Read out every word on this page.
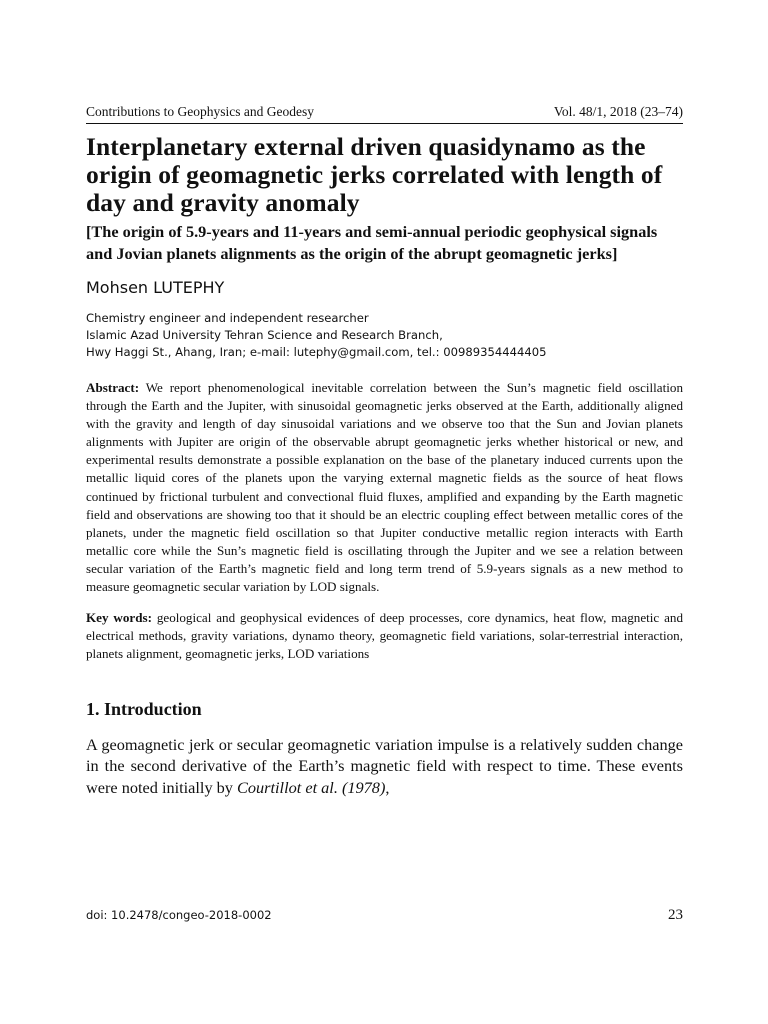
Contributions to Geophysics and Geodesy	Vol. 48/1, 2018 (23–74)
Interplanetary external driven quasidynamo as the origin of geomagnetic jerks correlated with length of day and gravity anomaly
[The origin of 5.9-years and 11-years and semi-annual periodic geophysical signals and Jovian planets alignments as the origin of the abrupt geomagnetic jerks]
Mohsen LUTEPHY
Chemistry engineer and independent researcher
Islamic Azad University Tehran Science and Research Branch,
Hwy Haggi St., Ahang, Iran; e-mail: lutephy@gmail.com, tel.: 00989354444405

Abstract: We report phenomenological inevitable correlation between the Sun’s magnetic field oscillation through the Earth and the Jupiter, with sinusoidal geomagnetic jerks observed at the Earth, additionally aligned with the gravity and length of day sinusoidal variations and we observe too that the Sun and Jovian planets alignments with Jupiter are origin of the observable abrupt geomagnetic jerks whether historical or new, and experimental results demonstrate a possible explanation on the base of the planetary induced currents upon the metallic liquid cores of the planets upon the varying external magnetic fields as the source of heat flows continued by frictional turbulent and convectional fluid fluxes, amplified and expanding by the Earth magnetic field and observations are showing too that it should be an electric coupling effect between metallic cores of the planets, under the magnetic field oscillation so that Jupiter conductive metallic region interacts with Earth metallic core while the Sun’s magnetic field is oscillating through the Jupiter and we see a relation between secular variation of the Earth’s magnetic field and long term trend of 5.9-years signals as a new method to measure geomagnetic secular variation by LOD signals.

Key words: geological and geophysical evidences of deep processes, core dynamics, heat flow, magnetic and electrical methods, gravity variations, dynamo theory, geomagnetic field variations, solar-terrestrial interaction, planets alignment, geomagnetic jerks, LOD variations

1. Introduction

A geomagnetic jerk or secular geomagnetic variation impulse is a relatively sudden change in the second derivative of the Earth’s magnetic field with respect to time. These events were noted initially by Courtillot et al. (1978),

doi: 10.2478/congeo-2018-0002	23
